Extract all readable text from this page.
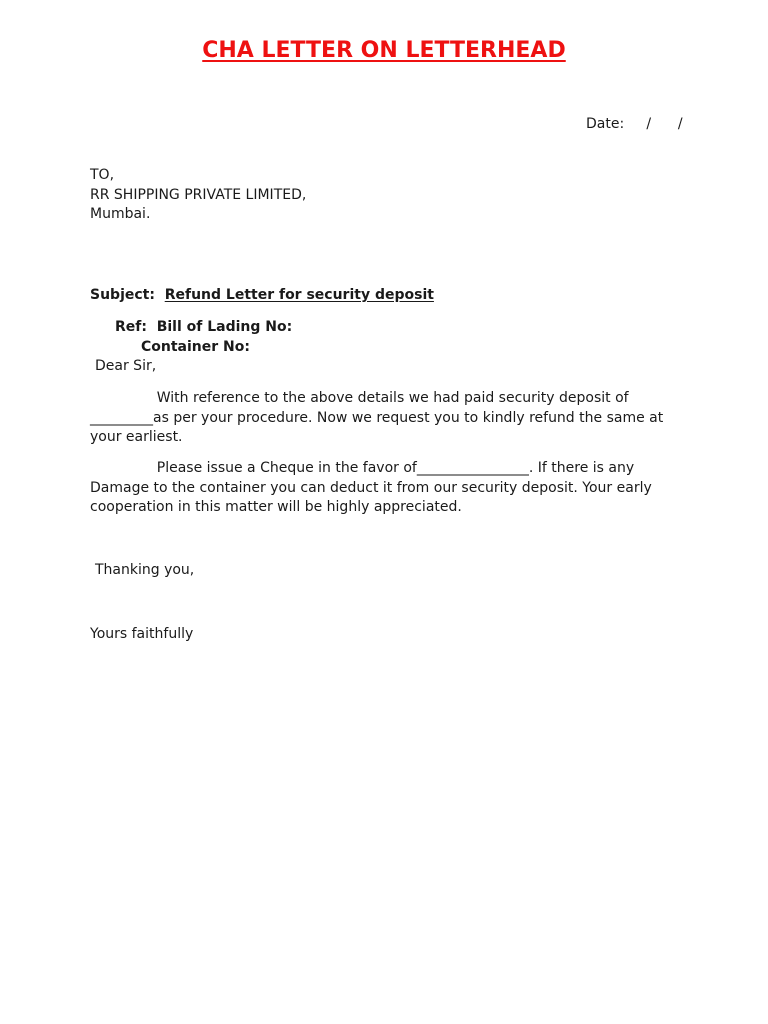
CHA LETTER ON LETTERHEAD
Date:     /      /
TO,
RR SHIPPING PRIVATE LIMITED,
Mumbai.
Subject:  Refund Letter for security deposit
Ref:  Bill of Lading No:
Container No:
Dear Sir,
With reference to the above details we had paid security deposit of
_________as per your procedure. Now we request you to kindly refund the same at
your earliest.
Please issue a Cheque in the favor of________________. If there is any
Damage to the container you can deduct it from our security deposit. Your early
cooperation in this matter will be highly appreciated.
Thanking you,
Yours faithfully
